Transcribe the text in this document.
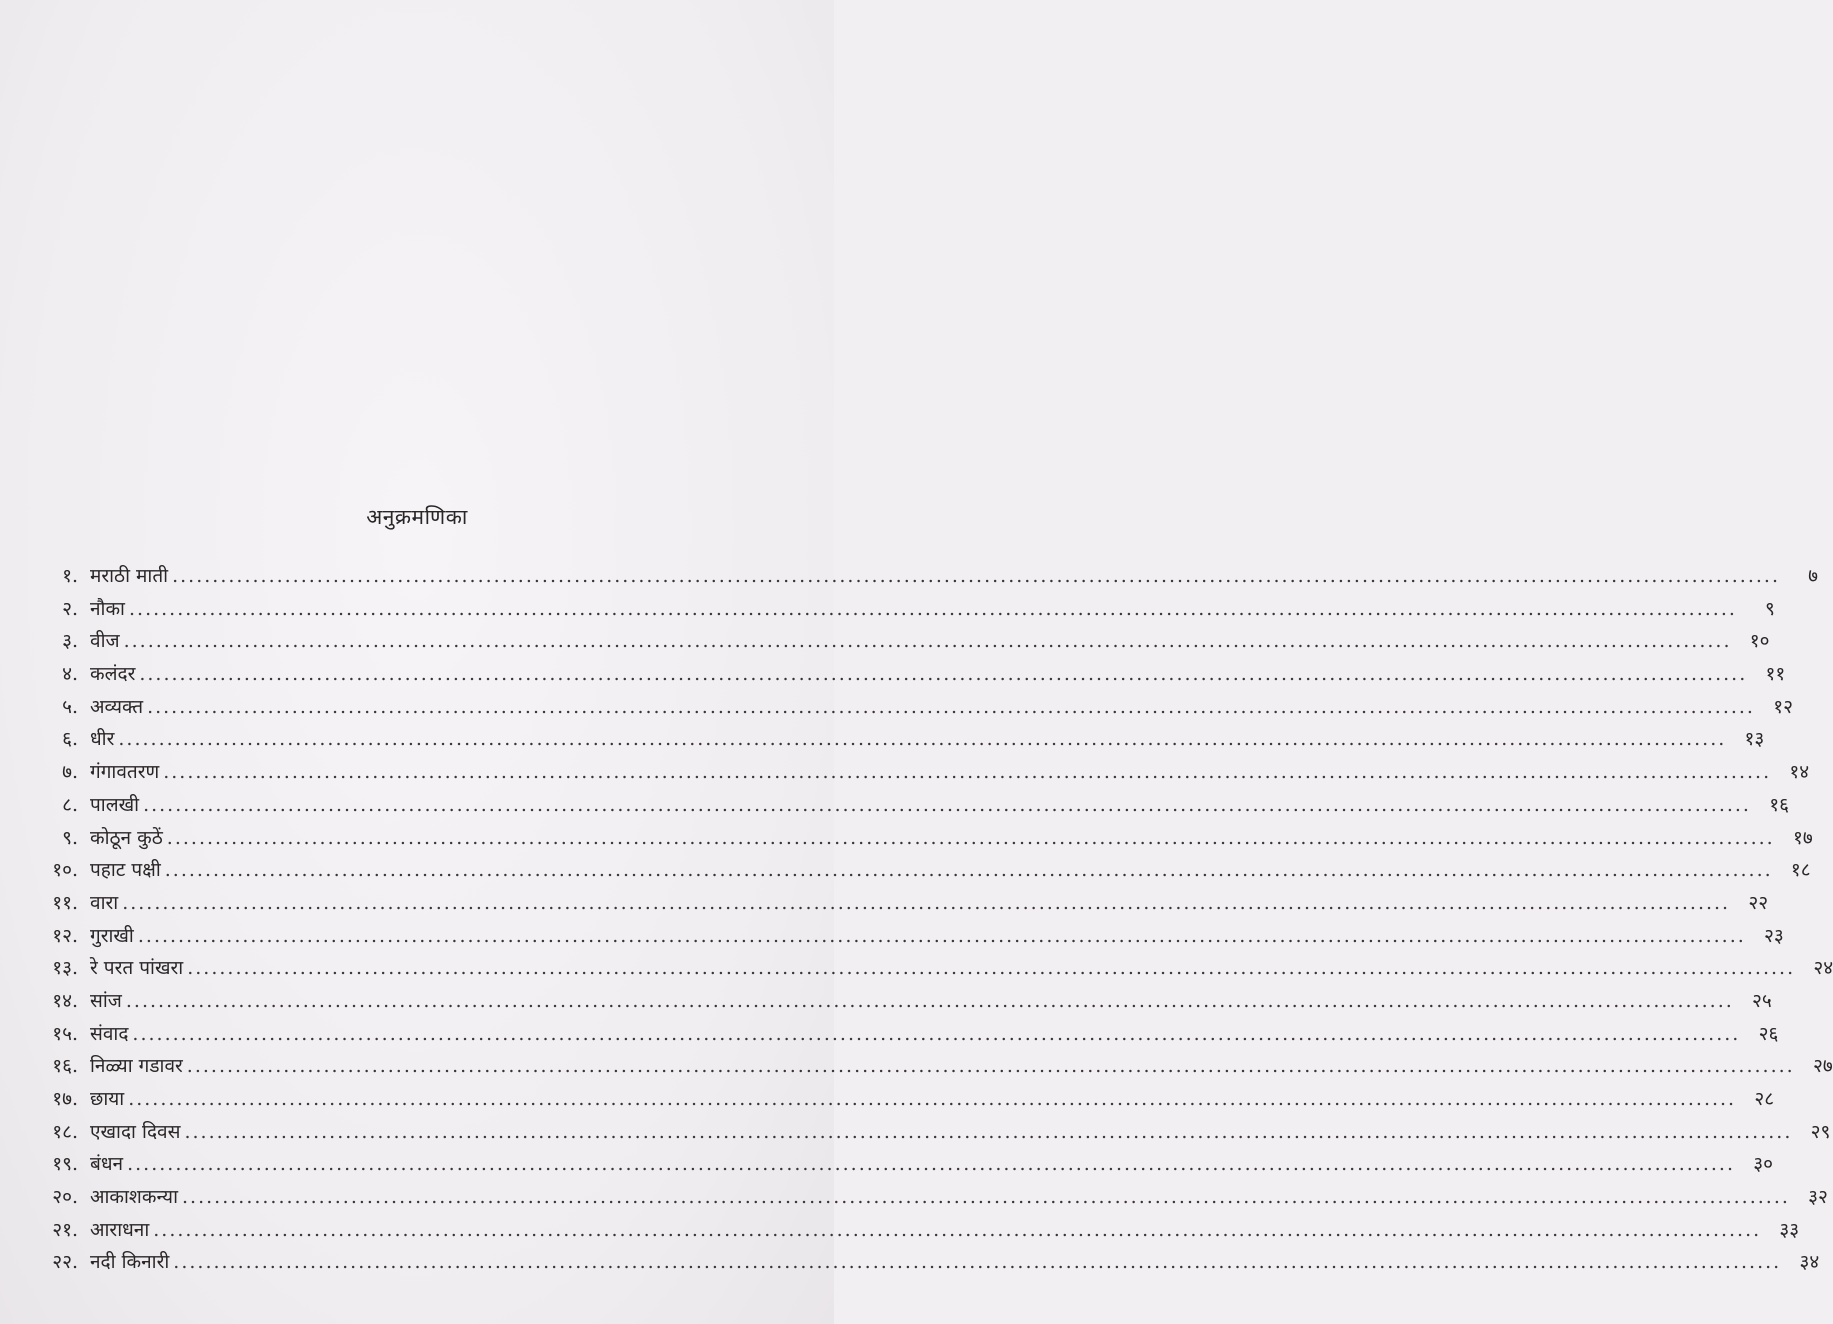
अनुक्रमणिका
१. मराठी माती ........................................................................................................................................................................................................	७
२. नौका ........................................................................................................................................................................................................	९
३. वीज ........................................................................................................................................................................................................ १०
४. कलंदर ........................................................................................................................................................................................................ ११
५. अव्यक्त ........................................................................................................................................................................................................ १२
६. धीर ........................................................................................................................................................................................................ १३
७. गंगावतरण ........................................................................................................................................................................................................ १४
८. पालखी ........................................................................................................................................................................................................ १६
९. कोठून कुठें ........................................................................................................................................................................................................ १७
१०. पहाट पक्षी ........................................................................................................................................................................................................ १८
११. वारा ........................................................................................................................................................................................................ २२
१२. गुराखी ........................................................................................................................................................................................................ २३
१३. रे परत पांखरा ........................................................................................................................................................................................................ २४
१४. सांज ........................................................................................................................................................................................................ २५
१५. संवाद ........................................................................................................................................................................................................ २६
१६. निळ्या गडावर ........................................................................................................................................................................................................ २७
१७. छाया ........................................................................................................................................................................................................ २८
१८. एखादा दिवस ........................................................................................................................................................................................................ २९
१९. बंधन ........................................................................................................................................................................................................ ३०
२०. आकाशकन्या ........................................................................................................................................................................................................ ३२
२१. आराधना ........................................................................................................................................................................................................ ३३
२२. नदी किनारी ........................................................................................................................................................................................................ ३४
